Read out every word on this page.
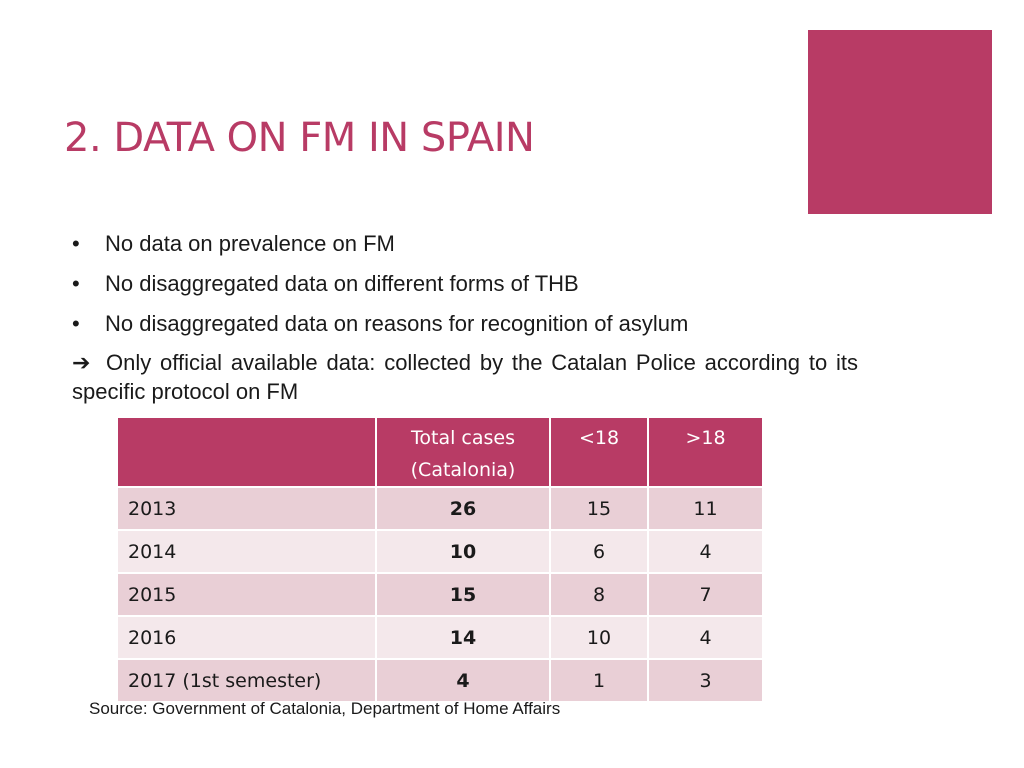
2. DATA ON FM IN SPAIN
• No data on prevalence on FM
• No disaggregated data on different forms of THB
• No disaggregated data on reasons for recognition of asylum

➔ Only official available data: collected by the Catalan Police according to its specific protocol on FM

	Total cases (Catalonia)	<18	>18
2013	26	15	11
2014	10	6	4
2015	15	8	7
2016	14	10	4
2017 (1st semester)	4	1	3

Source: Government of Catalonia, Department of Home Affairs
